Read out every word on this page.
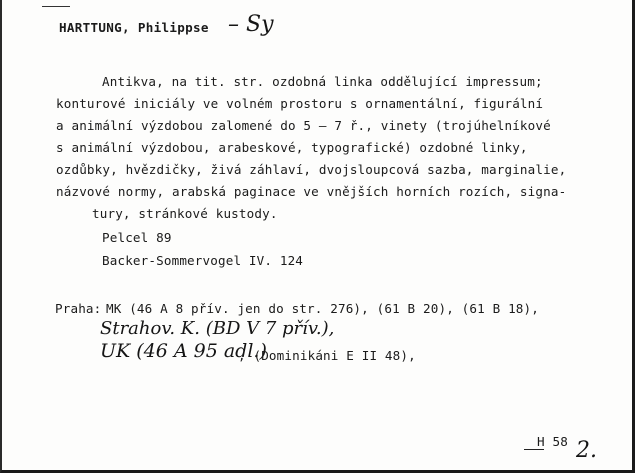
HARTTUNG, Philippse – Sy
Antikva, na tit. str. ozdobná linka oddělující impressum;
konturové iniciály ve volném prostoru s ornamentální, figurální
a animální výzdobou zalomené do 5 – 7 ř., vinety (trojúhelníkové
s animální výzdobou, arabeskové, typografické) ozdobné linky,
ozdůbky, hvězdičky, živá záhlaví, dvojsloupcová sazba, marginalie,
názvové normy, arabská paginace ve vnějších horních rozích, signa-
tury, stránkové kustody.
Pelcel 89
Backer-Sommervogel IV. 124
Praha: MK (46 A 8 přív. jen do str. 276), (61 B 20), (61 B 18),
Strahov. K. (BD V 7 přív.),
UK (46 A 95 adl.)
, (Dominikáni E II 48),
H 58 2.
